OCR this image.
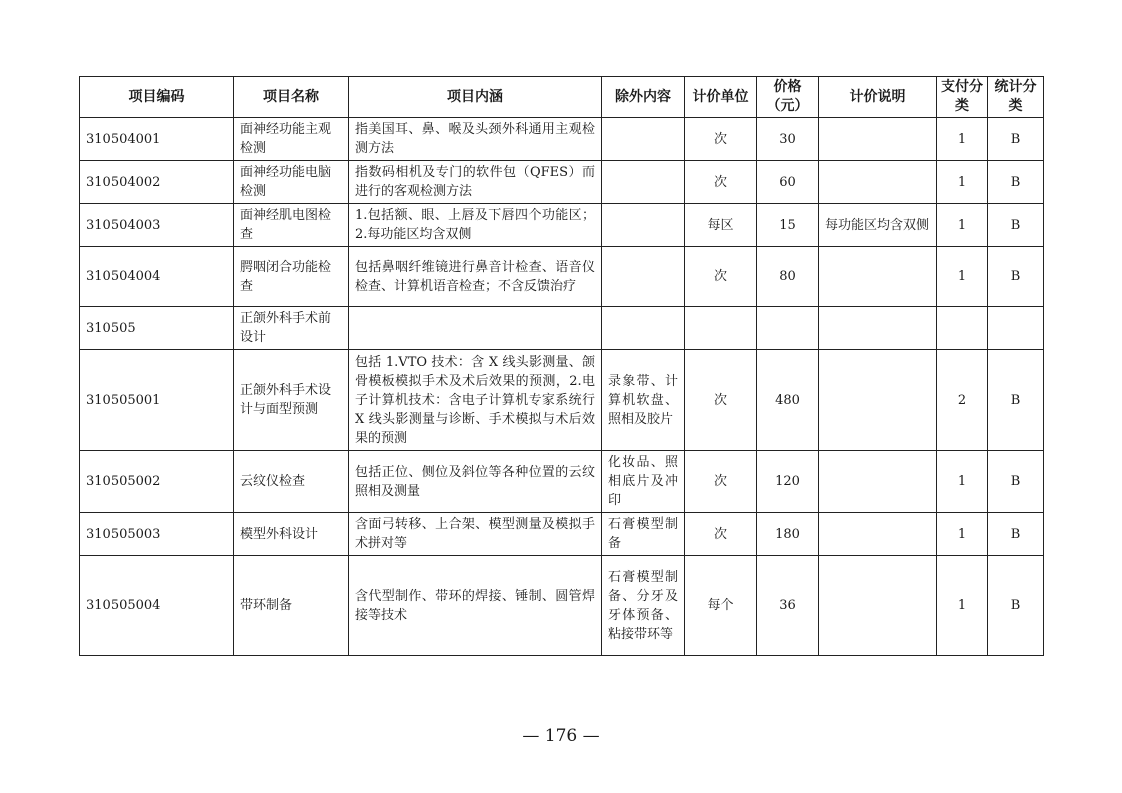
项目编码	项目名称	项目内涵	除外内容	计价单位	价格（元）	计价说明	支付分类	统计分类
310504001	面神经功能主观检测	指美国耳、鼻、喉及头颈外科通用主观检测方法		次	30		1	B
310504002	面神经功能电脑检测	指数码相机及专门的软件包（QFES）而进行的客观检测方法		次	60		1	B
310504003	面神经肌电图检查	1.包括额、眼、上唇及下唇四个功能区；2.每功能区均含双侧		每区	15	每功能区均含双侧	1	B
310504004	腭咽闭合功能检查	包括鼻咽纤维镜进行鼻音计检查、语音仪检查、计算机语音检查；不含反馈治疗		次	80		1	B
310505	正颌外科手术前设计							
310505001	正颌外科手术设计与面型预测	包括 1.VTO 技术：含 X 线头影测量、颌骨模板模拟手术及术后效果的预测，2.电子计算机技术：含电子计算机专家系统行 X 线头影测量与诊断、手术模拟与术后效果的预测	录象带、计算机软盘、照相及胶片	次	480		2	B
310505002	云纹仪检查	包括正位、侧位及斜位等各种位置的云纹照相及测量	化妆品、照相底片及冲印	次	120		1	B
310505003	模型外科设计	含面弓转移、上合架、模型测量及模拟手术拼对等	石膏模型制备	次	180		1	B
310505004	带环制备	含代型制作、带环的焊接、锤制、圆管焊接等技术	石膏模型制备、分牙及牙体预备、粘接带环等	每个	36		1	B
— 176 —
